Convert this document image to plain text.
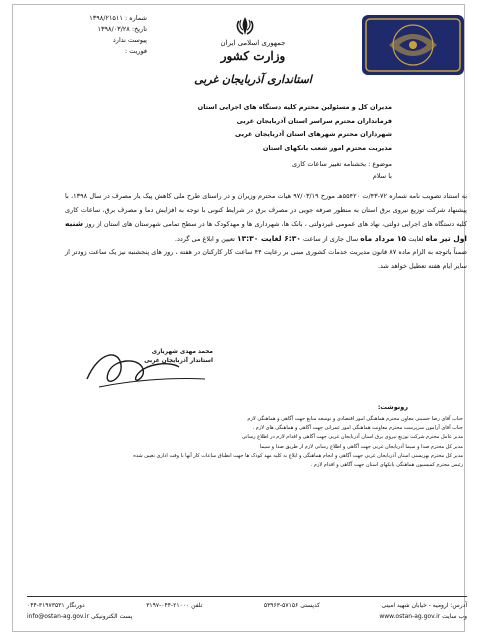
شماره : ۱۳۹۸/۲۱۵۱۱
تاریخ: ۱۳۹۸/۰۳/۲۸
پیوست ندارد
فوریت :
جمهوری اسلامی ایران
وزارت کشور
استانداری آذربایجان غربی
مدیران کل و مسئولین محترم کلیه دستگاه های اجرایی استان
فرمانداران محترم سراسر استان آذربایجان غربی
شهرداران محترم شهرهای استان آذربایجان غربی
مدیریت محترم امور شعب بانکهای استان
موضوع : بخشنامه تغییر ساعات کاری
با سلام
به استناد تصویب نامه شماره ۷۲-۴۳/ت ۵۵۴۲۰هـ مورخ ۹۷/۰۳/۱۹ هیات محترم وزیران و در راستای طرح ملی کاهش پیک بار مصرف در سال ۱۳۹۸، با پیشنهاد شرکت توزیع نیروی برق استان به منظور صرفه جویی در مصرف برق در شرایط کنونی با توجه به افزایش دما و مصرف برق، ساعات کاری کلیه دستگاه های اجرایی دولتی، نهاد های عمومی غیردولتی ، بانک ها، شهرداری ها و مهدکودک ها در سطح تمامی شهرستان های استان از روز شنبه اول تیر ماه لغایت ۱۵ مرداد ماه سال جاری از ساعت ۶:۳۰ لغایت ۱۳:۳۰ تعیین و ابلاغ می گردد.
ضمناً باتوجه به الزام ماده ۸۷ قانون مدیریت خدمات کشوری مبنی بر رعایت ۴۴ ساعت کار کارکنان در هفته ، روز های پنجشنبه نیز یک ساعت زودتر از سایر ایام هفته تعطیل خواهد شد.
محمد مهدی شهریاری
استاندار آذربایجان غربی
رونوشت:
جناب آقای رضا حسینی معاون محترم هماهنگی امور اقتصادی و توسعه منابع جهت آگاهی و هماهنگی لازم
جناب آقای آرامون سرپرست محترم معاونت هماهنگی امور عمرانی جهت آگاهی و هماهنگی های لازم .
مدیر عامل محترم شرکت توزیع نیروی برق استان آذربایجان غربی جهت آگاهی و اقدام لازم در اطلاع رسانی
مدیر کل محترم صدا و سیما آذربایجان غربی جهت آگاهی و اطلاع رسانی لازم از طریق صدا و سیما
مدیر کل محترم بهزیستی استان آذربایجان غربی جهت آگاهی و انجام هماهنگی و ابلاغ به کلیه مهد کودک ها جهت انطباق ساعات کار آنها با وقت اداری تعیین شده
رئیس محترم کمیسیون هماهنگی بانکهای استان جهت آگاهی و اقدام لازم .
آدرس: ارومیه - خیابان شهید امینی
کدپستی ۵۷۱۵۶-۵۳۹۶۳
تلفن ۲۱۰۰۰-۰۴۴-۳۱۹۷
دورنگار ۳۱۹۷۳۵۳۱-۰۴۴
وب سایت www.ostan-ag.gov.ir
پست الکترونیکی info@ostan-ag.gov.ir
